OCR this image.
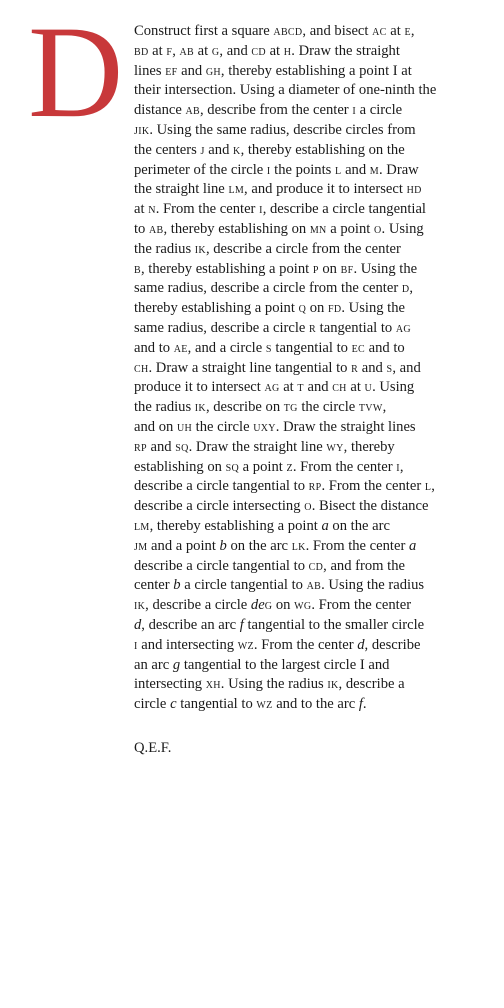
D Construct first a square abcd, and bisect ac at e,
bd at f, ab at g, and cd at h. Draw the straight
lines ef and gh, thereby establishing a point I at
their intersection. Using a diameter of one-ninth the
distance ab, describe from the center i a circle
jik. Using the same radius, describe circles from
the centers j and k, thereby establishing on the
perimeter of the circle i the points l and m. Draw
the straight line lm, and produce it to intersect hd
at n. From the center i, describe a circle tangential
to ab, thereby establishing on mn a point o. Using
the radius ik, describe a circle from the center
b, thereby establishing a point p on bf. Using the
same radius, describe a circle from the center d,
thereby establishing a point q on fd. Using the
same radius, describe a circle r tangential to ag
and to ae, and a circle s tangential to ec and to
ch. Draw a straight line tangential to r and s, and
produce it to intersect ag at t and ch at u. Using
the radius ik, describe on tg the circle tvw,
and on uh the circle uxy. Draw the straight lines
rp and sq. Draw the straight line wy, thereby
establishing on sq a point z. From the center i,
describe a circle tangential to rp. From the center l,
describe a circle intersecting o. Bisect the distance
lm, thereby establishing a point a on the arc
jm and a point b on the arc lk. From the center a
describe a circle tangential to cd, and from the
center b a circle tangential to ab. Using the radius
ik, describe a circle deg on wg. From the center
d, describe an arc f tangential to the smaller circle
i and intersecting wz. From the center d, describe
an arc g tangential to the largest circle I and
intersecting xh. Using the radius ik, describe a
circle c tangential to wz and to the arc f.

Q.E.F.
